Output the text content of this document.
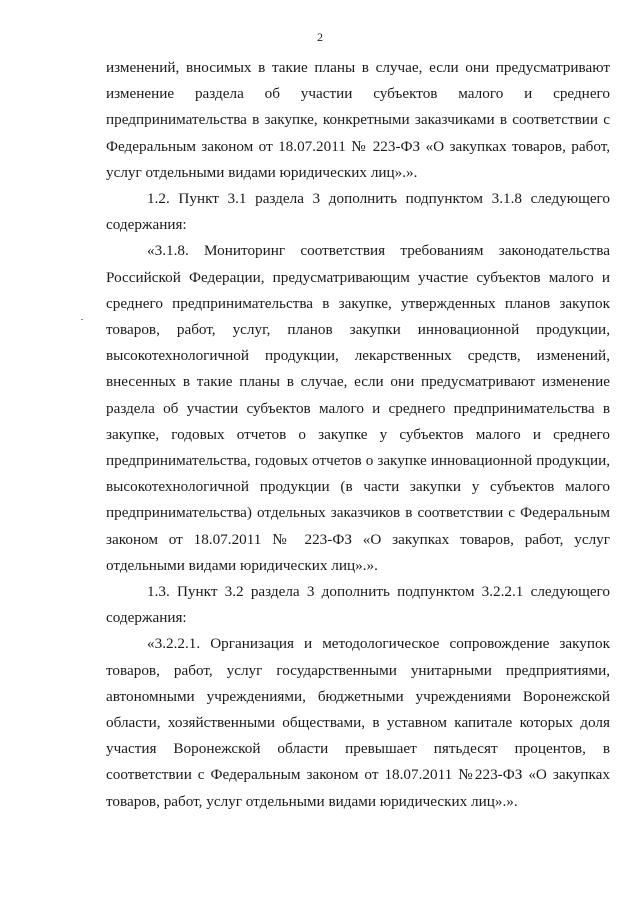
2

изменений, вносимых в такие планы в случае, если они предусматривают изменение раздела об участии субъектов малого и среднего предпринимательства в закупке, конкретными заказчиками в соответствии с Федеральным законом от 18.07.2011 № 223-ФЗ «О закупках товаров, работ, услуг отдельными видами юридических лиц».».

1.2. Пункт 3.1 раздела 3 дополнить подпунктом 3.1.8 следующего содержания:

«3.1.8. Мониторинг соответствия требованиям законодательства Российской Федерации, предусматривающим участие субъектов малого и среднего предпринимательства в закупке, утвержденных планов закупок товаров, работ, услуг, планов закупки инновационной продукции, высокотехнологичной продукции, лекарственных средств, изменений, внесенных в такие планы в случае, если они предусматривают изменение раздела об участии субъектов малого и среднего предпринимательства в закупке, годовых отчетов о закупке у субъектов малого и среднего предпринимательства, годовых отчетов о закупке инновационной продукции, высокотехнологичной продукции (в части закупки у субъектов малого предпринимательства) отдельных заказчиков в соответствии с Федеральным законом от 18.07.2011 № 223-ФЗ «О закупках товаров, работ, услуг отдельными видами юридических лиц».».

1.3. Пункт 3.2 раздела 3 дополнить подпунктом 3.2.2.1 следующего содержания:

«3.2.2.1. Организация и методологическое сопровождение закупок товаров, работ, услуг государственными унитарными предприятиями, автономными учреждениями, бюджетными учреждениями Воронежской области, хозяйственными обществами, в уставном капитале которых доля участия Воронежской области превышает пятьдесят процентов, в соответствии с Федеральным законом от 18.07.2011 №223-ФЗ «О закупках товаров, работ, услуг отдельными видами юридических лиц».».
